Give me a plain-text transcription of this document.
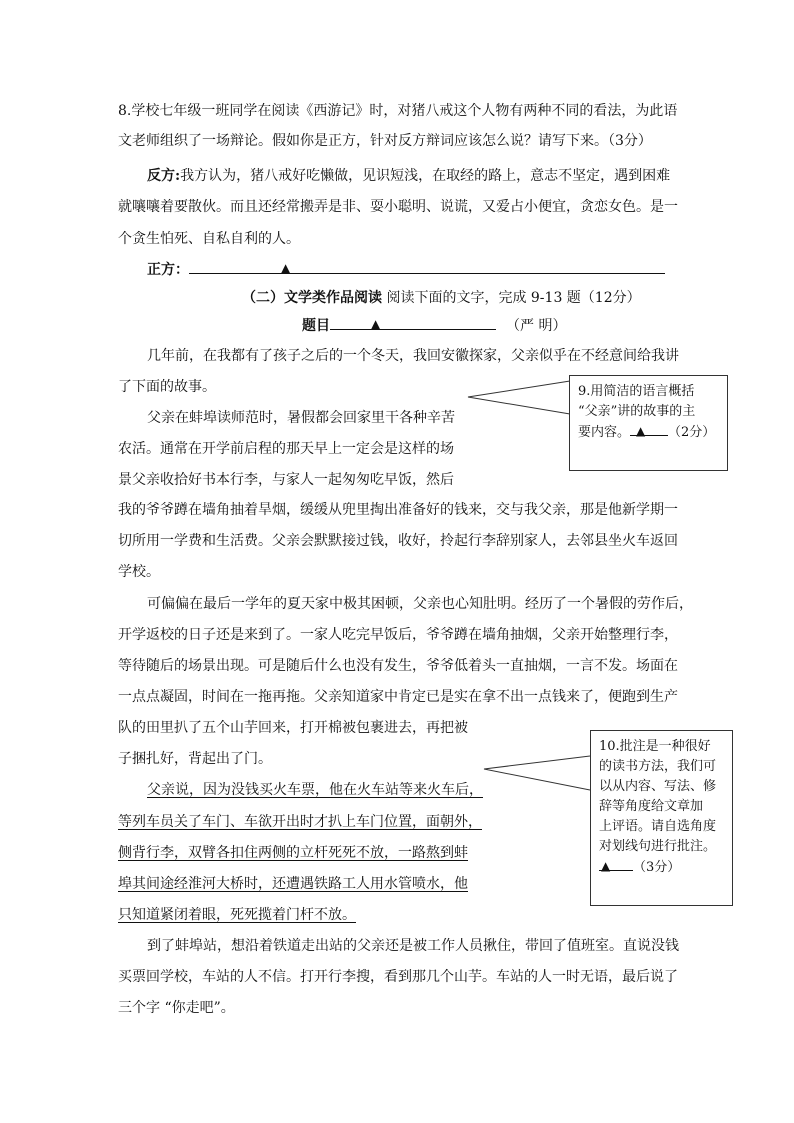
8.学校七年级一班同学在阅读《西游记》时，对猪八戒这个人物有两种不同的看法，为此语
文老师组织了一场辩论。假如你是正方，针对反方辩词应该怎么说？请写下来。（3分）
反方:我方认为，猪八戒好吃懒做，见识短浅，在取经的路上，意志不坚定，遇到困难
就嚷嚷着要散伙。而且还经常搬弄是非、耍小聪明、说谎，又爱占小便宜，贪恋女色。是一
个贪生怕死、自私自利的人。
正方：	▲
（二）文学类作品阅读 阅读下面的文字，完成 9-13 题（12分）
题目	▲	（严 明）
几年前，在我都有了孩子之后的一个冬天，我回安徽探家，父亲似乎在不经意间给我讲
了下面的故事。
父亲在蚌埠读师范时，暑假都会回家里干各种辛苦
农活。通常在开学前启程的那天早上一定会是这样的场
景父亲收拾好书本行李，与家人一起匆匆吃早饭，然后
我的爷爷蹲在墙角抽着旱烟，缓缓从兜里掏出准备好的钱来，交与我父亲，那是他新学期一
切所用一学费和生活费。父亲会默默接过钱，收好，拎起行李辞别家人，去邻县坐火车返回
学校。
可偏偏在最后一学年的夏天家中极其困顿，父亲也心知肚明。经历了一个暑假的劳作后，
开学返校的日子还是来到了。一家人吃完早饭后，爷爷蹲在墙角抽烟，父亲开始整理行李，
等待随后的场景出现。可是随后什么也没有发生，爷爷低着头一直抽烟，一言不发。场面在
一点点凝固，时间在一拖再拖。父亲知道家中肯定已是实在拿不出一点钱来了，便跑到生产
队的田里扒了五个山芋回来，打开棉被包裹进去，再把被
子捆扎好，背起出了门。
父亲说，因为没钱买火车票，他在火车站等来火车后，
等列车员关了车门、车欲开出时才扒上车门位置，面朝外，
侧背行李，双臂各扣住两侧的立杆死死不放，一路熬到蚌
埠其间途经淮河大桥时，还遭遇铁路工人用水管喷水，他
只知道紧闭着眼，死死揽着门杆不放。
到了蚌埠站，想沿着铁道走出站的父亲还是被工作人员揪住，带回了值班室。直说没钱
买票回学校，车站的人不信。打开行李搜，看到那几个山芋。车站的人一时无语，最后说了
三个字 “你走吧”。
9.用简洁的语言概括
“父亲”讲的故事的主
要内容。 ▲ （2分）
10.批注是一种很好
的读书方法，我们可
以从内容、写法、修
辞等角度给文章加
上评语。请自选角度
对划线句进行批注。
▲ （3分）
